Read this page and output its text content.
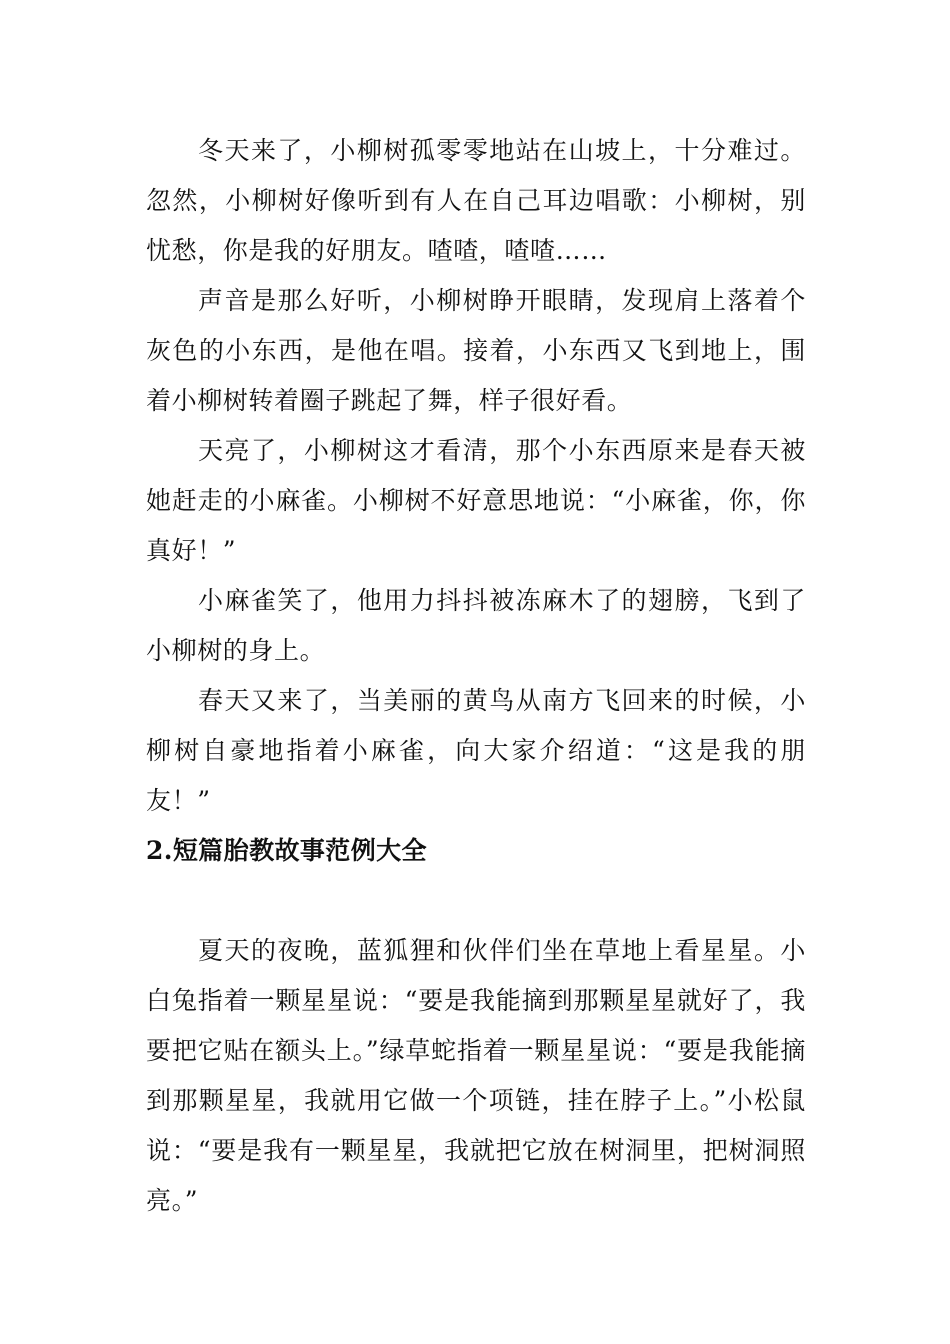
冬天来了，小柳树孤零零地站在山坡上，十分难过。忽然，小柳树好像听到有人在自己耳边唱歌：小柳树，别忧愁，你是我的好朋友。喳喳，喳喳……

声音是那么好听，小柳树睁开眼睛，发现肩上落着个灰色的小东西，是他在唱。接着，小东西又飞到地上，围着小柳树转着圈子跳起了舞，样子很好看。

天亮了，小柳树这才看清，那个小东西原来是春天被她赶走的小麻雀。小柳树不好意思地说：“小麻雀，你，你真好！”

小麻雀笑了，他用力抖抖被冻麻木了的翅膀，飞到了小柳树的身上。

春天又来了，当美丽的黄鸟从南方飞回来的时候，小柳树自豪地指着小麻雀，向大家介绍道：“这是我的朋友！”

2.短篇胎教故事范例大全

夏天的夜晚，蓝狐狸和伙伴们坐在草地上看星星。小白兔指着一颗星星说：“要是我能摘到那颗星星就好了，我要把它贴在额头上。”绿草蛇指着一颗星星说：“要是我能摘到那颗星星，我就用它做一个项链，挂在脖子上。”小松鼠说：“要是我有一颗星星，我就把它放在树洞里，把树洞照亮。”
